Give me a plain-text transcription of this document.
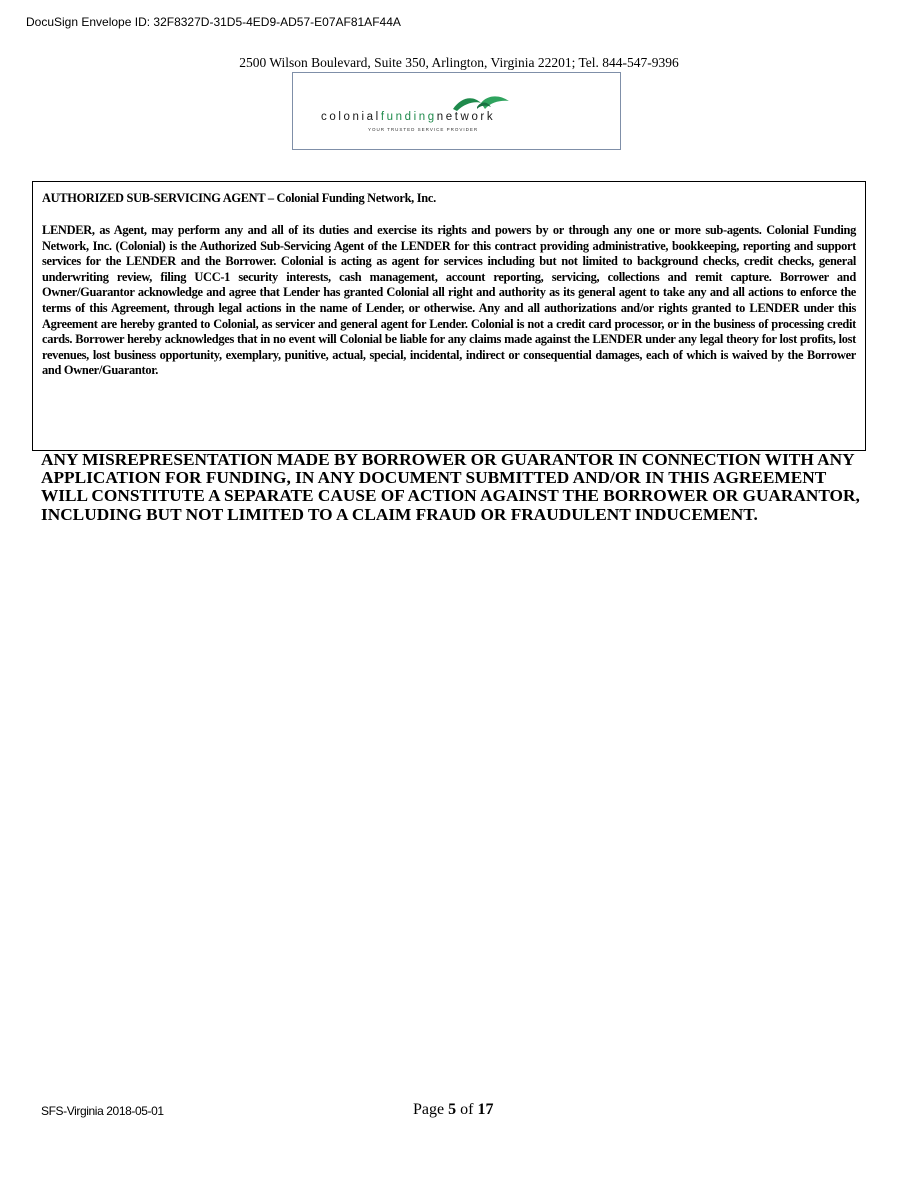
DocuSign Envelope ID: 32F8327D-31D5-4ED9-AD57-E07AF81AF44A
2500 Wilson Boulevard, Suite 350, Arlington, Virginia 22201; Tel. 844-547-9396
colonialfundingnetwork
YOUR TRUSTED SERVICE PROVIDER

AUTHORIZED SUB-SERVICING AGENT – Colonial Funding Network, Inc.

LENDER, as Agent, may perform any and all of its duties and exercise its rights and powers by or through any one or more sub-agents. Colonial Funding Network, Inc. (Colonial) is the Authorized Sub-Servicing Agent of the LENDER for this contract providing administrative, bookkeeping, reporting and support services for the LENDER and the Borrower. Colonial is acting as agent for services including but not limited to background checks, credit checks, general underwriting review, filing UCC-1 security interests, cash management, account reporting, servicing, collections and remit capture. Borrower and Owner/Guarantor acknowledge and agree that Lender has granted Colonial all right and authority as its general agent to take any and all actions to enforce the terms of this Agreement, through legal actions in the name of Lender, or otherwise. Any and all authorizations and/or rights granted to LENDER under this Agreement are hereby granted to Colonial, as servicer and general agent for Lender. Colonial is not a credit card processor, or in the business of processing credit cards. Borrower hereby acknowledges that in no event will Colonial be liable for any claims made against the LENDER under any legal theory for lost profits, lost revenues, lost business opportunity, exemplary, punitive, actual, special, incidental, indirect or consequential damages, each of which is waived by the Borrower and Owner/Guarantor.

ANY MISREPRESENTATION MADE BY BORROWER OR GUARANTOR IN CONNECTION WITH ANY APPLICATION FOR FUNDING, IN ANY DOCUMENT SUBMITTED AND/OR IN THIS AGREEMENT WILL CONSTITUTE A SEPARATE CAUSE OF ACTION AGAINST THE BORROWER OR GUARANTOR, INCLUDING BUT NOT LIMITED TO A CLAIM FRAUD OR FRAUDULENT INDUCEMENT.

SFS-Virginia 2018-05-01	Page 5 of 17
